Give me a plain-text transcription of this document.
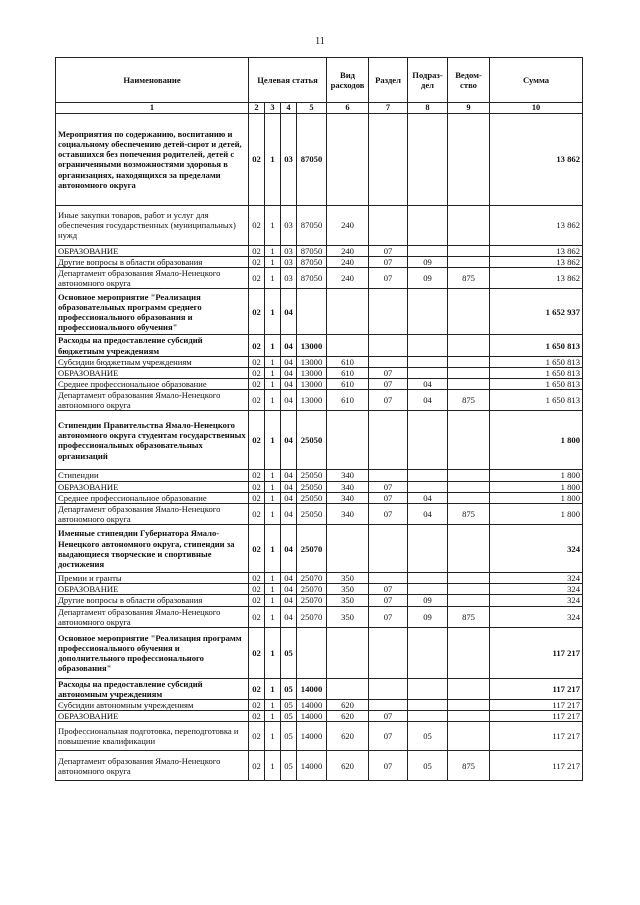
11
Наименование	Целевая статья				Вид расходов	Раздел	Подраз-дел	Ведом-ство	Сумма
1	2	3	4	5	6	7	8	9	10
Мероприятия по содержанию, воспитанию и социальному обеспечению детей-сирот и детей, оставшихся без попечения родителей, детей с ограниченными возможностями здоровья в организациях, находящихся за пределами автономного округа	02	1	03	87050					13 862
Иные закупки товаров, работ и услуг для обеспечения государственных (муниципальных) нужд	02	1	03	87050	240				13 862
ОБРАЗОВАНИЕ	02	1	03	87050	240	07			13 862
Другие вопросы в области образования	02	1	03	87050	240	07	09		13 862
Департамент образования Ямало-Ненецкого автономного округа	02	1	03	87050	240	07	09	875	13 862
Основное мероприятие "Реализация образовательных программ среднего профессионального образования и профессионального обучения"	02	1	04						1 652 937
Расходы на предоставление субсидий бюджетным учреждениям	02	1	04	13000					1 650 813
Субсидии бюджетным учреждениям	02	1	04	13000	610				1 650 813
ОБРАЗОВАНИЕ	02	1	04	13000	610	07			1 650 813
Среднее профессиональное образование	02	1	04	13000	610	07	04		1 650 813
Департамент образования Ямало-Ненецкого автономного округа	02	1	04	13000	610	07	04	875	1 650 813
Стипендии Правительства Ямало-Ненецкого автономного округа студентам государственных профессиональных образовательных организаций	02	1	04	25050					1 800
Стипендии	02	1	04	25050	340				1 800
ОБРАЗОВАНИЕ	02	1	04	25050	340	07			1 800
Среднее профессиональное образование	02	1	04	25050	340	07	04		1 800
Департамент образования Ямало-Ненецкого автономного округа	02	1	04	25050	340	07	04	875	1 800
Именные стипендии Губернатора Ямало-Ненецкого автономного округа, стипендии за выдающиеся творческие и спортивные достижения	02	1	04	25070					324
Премии и гранты	02	1	04	25070	350				324
ОБРАЗОВАНИЕ	02	1	04	25070	350	07			324
Другие вопросы в области образования	02	1	04	25070	350	07	09		324
Департамент образования Ямало-Ненецкого автономного округа	02	1	04	25070	350	07	09	875	324
Основное мероприятие "Реализация программ профессионального обучения и дополнительного профессионального образования"	02	1	05						117 217
Расходы на предоставление субсидий автономным учреждениям	02	1	05	14000					117 217
Субсидии автономным учреждениям	02	1	05	14000	620				117 217
ОБРАЗОВАНИЕ	02	1	05	14000	620	07			117 217
Профессиональная подготовка, переподготовка и повышение квалификации	02	1	05	14000	620	07	05		117 217
Департамент образования Ямало-Ненецкого автономного округа	02	1	05	14000	620	07	05	875	117 217
